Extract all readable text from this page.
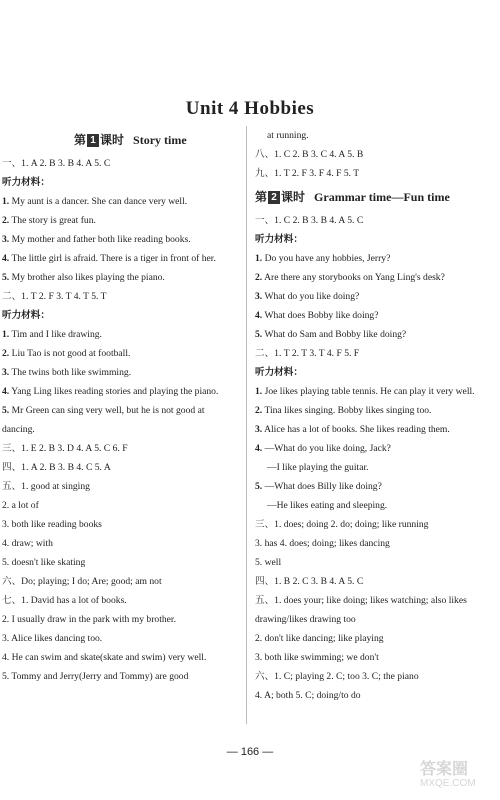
Unit 4 Hobbies
第 1 课时 Story time
一、1. A 2. B 3. B 4. A 5. C
听力材料：
1. My aunt is a dancer. She can dance very well.
2. The story is great fun.
3. My mother and father both like reading books.
4. The little girl is afraid. There is a tiger in front of her.
5. My brother also likes playing the piano.
二、1. T 2. F 3. T 4. T 5. T
听力材料：
1. Tim and I like drawing.
2. Liu Tao is not good at football.
3. The twins both like swimming.
4. Yang Ling likes reading stories and playing the piano.
5. Mr Green can sing very well, but he is not good at dancing.
三、1. E 2. B 3. D 4. A 5. C 6. F
四、1. A 2. B 3. B 4. C 5. A
五、1. good at singing
2. a lot of
3. both like reading books
4. draw; with
5. doesn't like skating
六、Do; playing; I do; Are; good; am not
七、1. David has a lot of books.
2. I usually draw in the park with my brother.
3. Alice likes dancing too.
4. He can swim and skate(skate and swim) very well.
5. Tommy and Jerry(Jerry and Tommy) are good
at running.
八、1. C 2. B 3. C 4. A 5. B
九、1. T 2. F 3. F 4. F 5. T
第 2 课时 Grammar time—Fun time
一、1. C 2. B 3. B 4. A 5. C
听力材料：
1. Do you have any hobbies, Jerry?
2. Are there any storybooks on Yang Ling's desk?
3. What do you like doing?
4. What does Bobby like doing?
5. What do Sam and Bobby like doing?
二、1. T 2. T 3. T 4. F 5. F
听力材料：
1. Joe likes playing table tennis. He can play it very well.
2. Tina likes singing. Bobby likes singing too.
3. Alice has a lot of books. She likes reading them.
4. —What do you like doing, Jack?
—I like playing the guitar.
5. —What does Billy like doing?
—He likes eating and sleeping.
三、1. does; doing 2. do; doing; like running
3. has 4. does; doing; likes dancing
5. well
四、1. B 2. C 3. B 4. A 5. C
五、1. does your; like doing; likes watching; also likes drawing/likes drawing too
2. don't like dancing; like playing
3. both like swimming; we don't
六、1. C; playing 2. C; too 3. C; the piano
4. A; both 5. C; doing/to do
— 166 —
答案圈
MXQE.COM
